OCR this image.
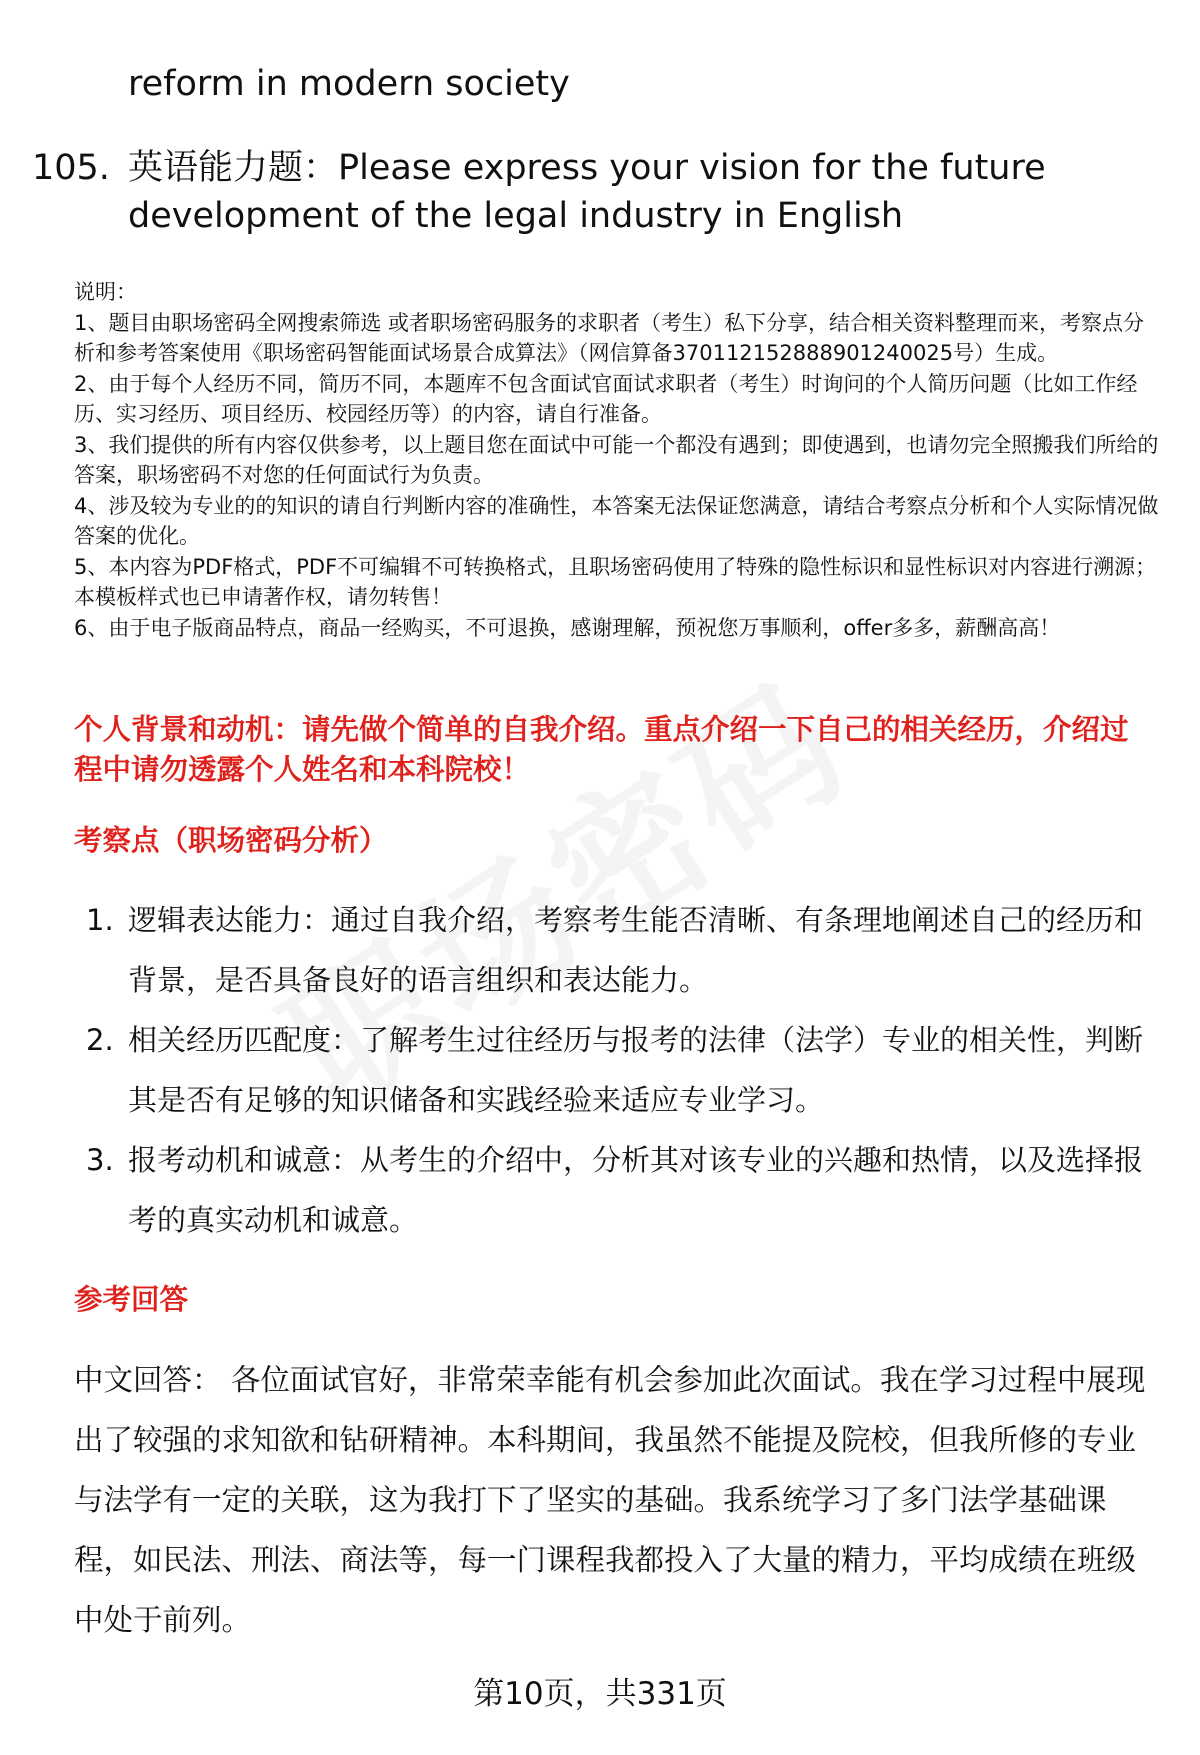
reform in modern society
105. 英语能力题：Please express your vision for the future development of the legal industry in English

说明：

1、题目由职场密码全网搜索筛选 或者职场密码服务的求职者（考生）私下分享，结合相关资料整理而来，考察点分析和参考答案使用《职场密码智能面试场景合成算法》（网信算备370112152888901240025号）生成。

2、由于每个人经历不同，简历不同，本题库不包含面试官面试求职者（考生）时询问的个人简历问题（比如工作经历、实习经历、项目经历、校园经历等）的内容，请自行准备。

3、我们提供的所有内容仅供参考，以上题目您在面试中可能一个都没有遇到；即使遇到，也请勿完全照搬我们所给的答案，职场密码不对您的任何面试行为负责。

4、涉及较为专业的的知识的请自行判断内容的准确性，本答案无法保证您满意，请结合考察点分析和个人实际情况做答案的优化。

5、本内容为PDF格式，PDF不可编辑不可转换格式，且职场密码使用了特殊的隐性标识和显性标识对内容进行溯源；本模板样式也已申请著作权，请勿转售！

6、由于电子版商品特点，商品一经购买，不可退换，感谢理解，预祝您万事顺利，offer多多，薪酬高高！

个人背景和动机：请先做个简单的自我介绍。重点介绍一下自己的相关经历，介绍过程中请勿透露个人姓名和本科院校！
考察点（职场密码分析）
1. 逻辑表达能力：通过自我介绍，考察考生能否清晰、有条理地阐述自己的经历和背景，是否具备良好的语言组织和表达能力。
2. 相关经历匹配度：了解考生过往经历与报考的法律（法学）专业的相关性，判断其是否有足够的知识储备和实践经验来适应专业学习。
3. 报考动机和诚意：从考生的介绍中，分析其对该专业的兴趣和热情，以及选择报考的真实动机和诚意。
参考回答

中文回答： 各位面试官好，非常荣幸能有机会参加此次面试。我在学习过程中展现出了较强的求知欲和钻研精神。本科期间，我虽然不能提及院校，但我所修的专业与法学有一定的关联，这为我打下了坚实的基础。我系统学习了多门法学基础课程，如民法、刑法、商法等，每一门课程我都投入了大量的精力，平均成绩在班级中处于前列。

第10页，共331页
